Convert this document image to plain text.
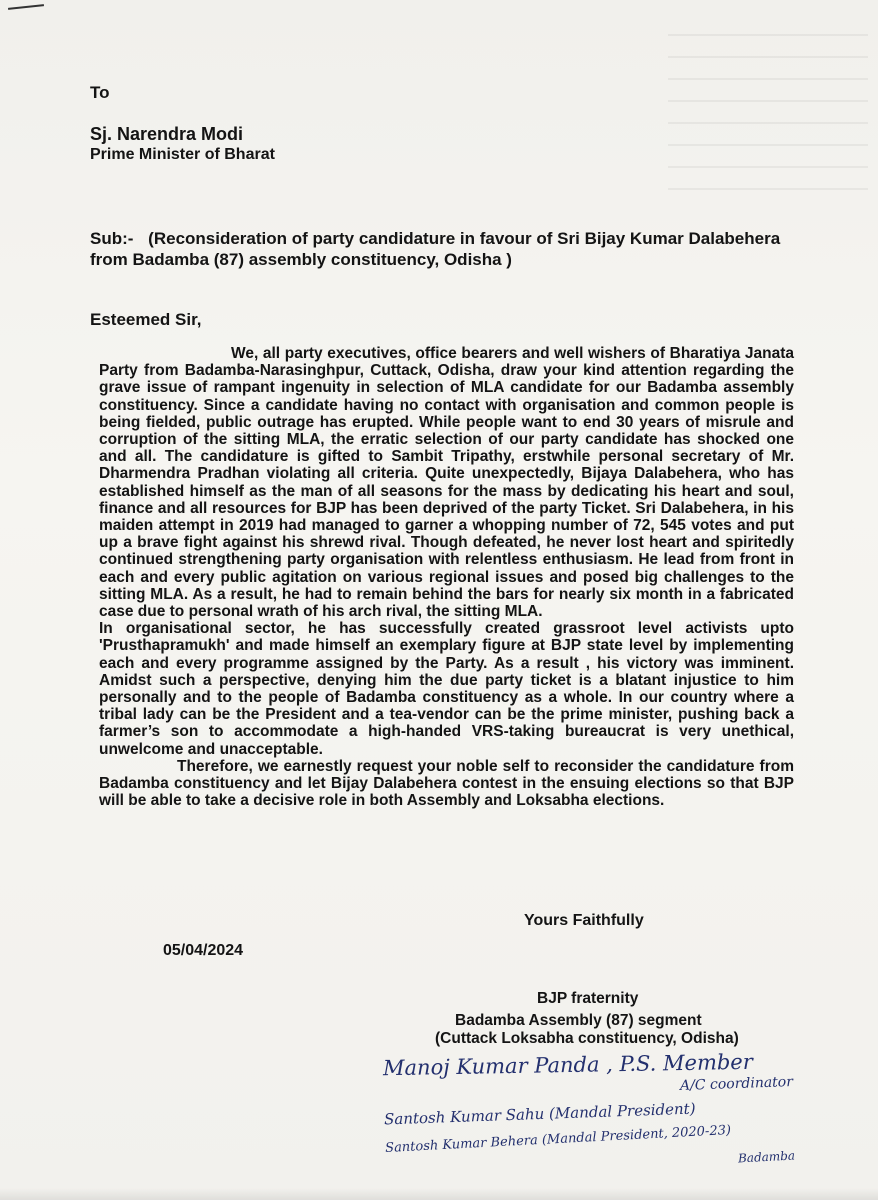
To
Sj. Narendra Modi
Prime Minister of Bharat
Sub:- (Reconsideration of party candidature in favour of Sri Bijay Kumar Dalabehera from Badamba (87) assembly constituency, Odisha )
Esteemed Sir,

We, all party executives, office bearers and well wishers of Bharatiya Janata Party from Badamba-Narasinghpur, Cuttack, Odisha, draw your kind attention regarding the grave issue of rampant ingenuity in selection of MLA candidate for our Badamba assembly constituency. Since a candidate having no contact with organisation and common people is being fielded, public outrage has erupted. While people want to end 30 years of misrule and corruption of the sitting MLA, the erratic selection of our party candidate has shocked one and all. The candidature is gifted to Sambit Tripathy, erstwhile personal secretary of Mr. Dharmendra Pradhan violating all criteria. Quite unexpectedly, Bijaya Dalabehera, who has established himself as the man of all seasons for the mass by dedicating his heart and soul, finance and all resources for BJP has been deprived of the party Ticket. Sri Dalabehera, in his maiden attempt in 2019 had managed to garner a whopping number of 72, 545 votes and put up a brave fight against his shrewd rival. Though defeated, he never lost heart and spiritedly continued strengthening party organisation with relentless enthusiasm. He lead from front in each and every public agitation on various regional issues and posed big challenges to the sitting MLA. As a result, he had to remain behind the bars for nearly six month in a fabricated case due to personal wrath of his arch rival, the sitting MLA.

In organisational sector, he has successfully created grassroot level activists upto 'Prusthapramukh' and made himself an exemplary figure at BJP state level by implementing each and every programme assigned by the Party. As a result , his victory was imminent. Amidst such a perspective, denying him the due party ticket is a blatant injustice to him personally and to the people of Badamba constituency as a whole. In our country where a tribal lady can be the President and a tea-vendor can be the prime minister, pushing back a farmer’s son to accommodate a high-handed VRS-taking bureaucrat is very unethical, unwelcome and unacceptable.

Therefore, we earnestly request your noble self to reconsider the candidature from Badamba constituency and let Bijay Dalabehera contest in the ensuing elections so that BJP will be able to take a decisive role in both Assembly and Loksabha elections.

Yours Faithfully
05/04/2024
BJP fraternity
Badamba Assembly (87) segment
(Cuttack Loksabha constituency, Odisha)
Manoj Kumar Panda , P.S. Member
A/C coordinator
Santosh Kumar Sahu (Mandal President)
Santosh Kumar Behera (Mandal President, 2020-23)
Badamba
